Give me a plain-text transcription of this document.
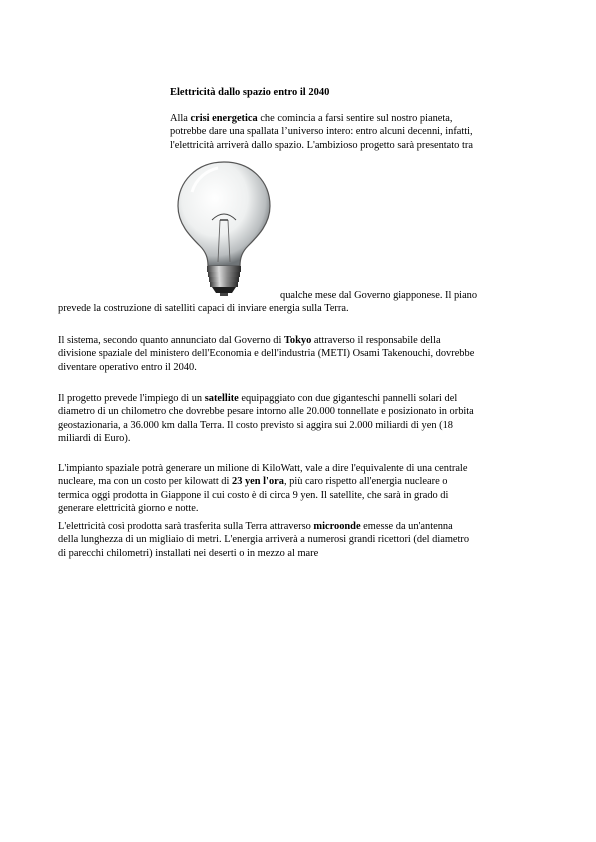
Elettricità dallo spazio entro il 2040

Alla crisi energetica che comincia a farsi sentire sul nostro pianeta,
potrebbe dare una spallata l’universo intero: entro alcuni decenni, infatti,
l'elettricità arriverà dallo spazio. L'ambizioso progetto sarà presentato tra

qualche mese dal Governo giapponese. Il piano
prevede la costruzione di satelliti capaci di inviare energia sulla Terra.

Il sistema, secondo quanto annunciato dal Governo di Tokyo attraverso il responsabile della
divisione spaziale del ministero dell'Economia e dell'industria (METI) Osami Takenouchi, dovrebbe
diventare operativo entro il 2040.

Il progetto prevede l'impiego di un satellite equipaggiato con due giganteschi pannelli solari del
diametro di un chilometro che dovrebbe pesare intorno alle 20.000 tonnellate e posizionato in orbita
geostazionaria, a 36.000 km dalla Terra. Il costo previsto si aggira sui 2.000 miliardi di yen (18
miliardi di Euro).

L'impianto spaziale potrà generare un milione di KiloWatt, vale a dire l'equivalente di una centrale
nucleare, ma con un costo per kilowatt di 23 yen l'ora, più caro rispetto all'energia nucleare o
termica oggi prodotta in Giappone il cui costo è di circa 9 yen. Il satellite, che sarà in grado di
generare elettricità giorno e notte.

L'elettricità così prodotta sarà trasferita sulla Terra attraverso microonde emesse da un'antenna
della lunghezza di un migliaio di metri. L'energia arriverà a numerosi grandi ricettori (del diametro
di parecchi chilometri) installati nei deserti o in mezzo al mare
